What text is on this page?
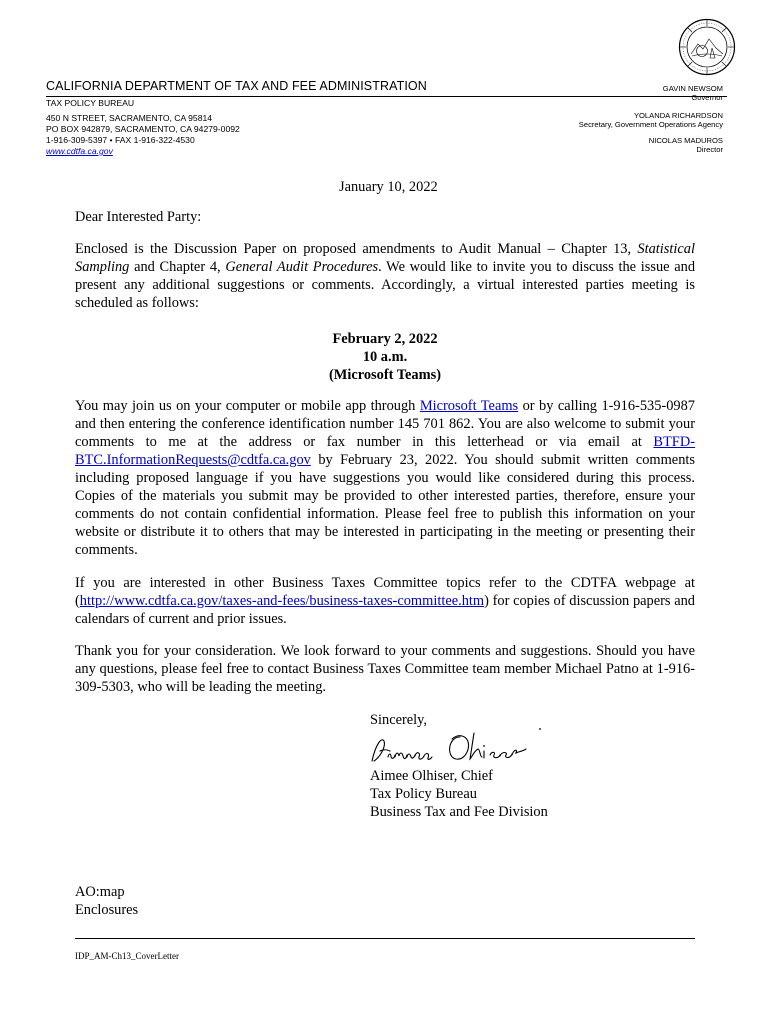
CALIFORNIA DEPARTMENT OF TAX AND FEE ADMINISTRATION
TAX POLICY BUREAU
450 N STREET, SACRAMENTO, CA 95814
PO BOX 942879, SACRAMENTO, CA 94279-0092
1-916-309-5397 • FAX 1-916-322-4530
www.cdtfa.ca.gov
GAVIN NEWSOM
Governor
YOLANDA RICHARDSON
Secretary, Government Operations Agency
NICOLAS MADUROS
Director
January 10, 2022
Dear Interested Party:
Enclosed is the Discussion Paper on proposed amendments to Audit Manual – Chapter 13, Statistical Sampling and Chapter 4, General Audit Procedures. We would like to invite you to discuss the issue and present any additional suggestions or comments. Accordingly, a virtual interested parties meeting is scheduled as follows:
February 2, 2022
10 a.m.
(Microsoft Teams)
You may join us on your computer or mobile app through Microsoft Teams or by calling 1-916-535-0987 and then entering the conference identification number 145 701 862. You are also welcome to submit your comments to me at the address or fax number in this letterhead or via email at BTFD-BTC.InformationRequests@cdtfa.ca.gov by February 23, 2022. You should submit written comments including proposed language if you have suggestions you would like considered during this process. Copies of the materials you submit may be provided to other interested parties, therefore, ensure your comments do not contain confidential information. Please feel free to publish this information on your website or distribute it to others that may be interested in participating in the meeting or presenting their comments.
If you are interested in other Business Taxes Committee topics refer to the CDTFA webpage at (http://www.cdtfa.ca.gov/taxes-and-fees/business-taxes-committee.htm) for copies of discussion papers and calendars of current and prior issues.
Thank you for your consideration. We look forward to your comments and suggestions. Should you have any questions, please feel free to contact Business Taxes Committee team member Michael Patno at 1-916-309-5303, who will be leading the meeting.
Sincerely,
Aimee Olhiser, Chief
Tax Policy Bureau
Business Tax and Fee Division
AO:map
Enclosures
IDP_AM-Ch13_CoverLetter
